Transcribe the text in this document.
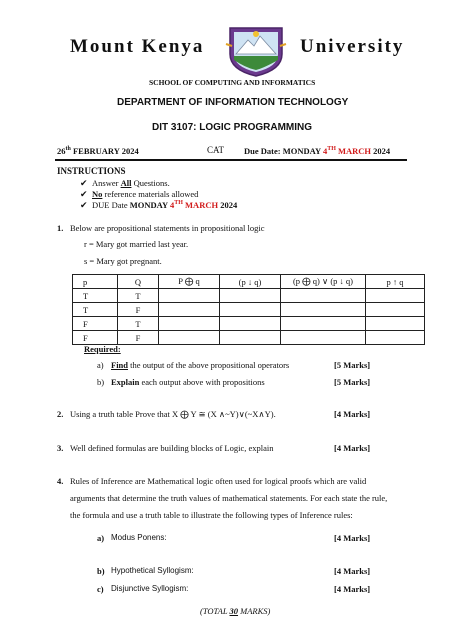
Mount Kenya	University
SCHOOL OF COMPUTING AND INFORMATICS
DEPARTMENT OF INFORMATION TECHNOLOGY
DIT 3107: LOGIC PROGRAMMING
26th FEBRUARY 2024	CAT Due Date: MONDAY 4TH MARCH 2024
INSTRUCTIONS
✔ Answer All Questions.
✔ No reference materials allowed
✔ DUE Date MONDAY 4TH MARCH 2024
1. Below are propositional statements in propositional logic
r = Mary got married last year.
s = Mary got pregnant.
p	Q	P ⨁ q	(p ↓ q)	(p ⨁ q) ∨ (p ↓ q)	p ↑ q
T	T				
T	F				
F	T				
F	F				
Required:
a) Find the output of the above propositional operators	[5 Marks]
b) Explain each output above with propositions	[5 Marks]
2. Using a truth table Prove that X ⨁ Y ≅ (X ∧~Y)∨(~X∧Y).	[4 Marks]
3. Well defined formulas are building blocks of Logic, explain	[4 Marks]
4. Rules of Inference are Mathematical logic often used for logical proofs which are valid
arguments that determine the truth values of mathematical statements. For each state the rule,
the formula and use a truth table to illustrate the following types of Inference rules:
a) Modus Ponens:	[4 Marks]
b) Hypothetical Syllogism:	[4 Marks]
c) Disjunctive Syllogism:	[4 Marks]
(TOTAL 30 MARKS)
